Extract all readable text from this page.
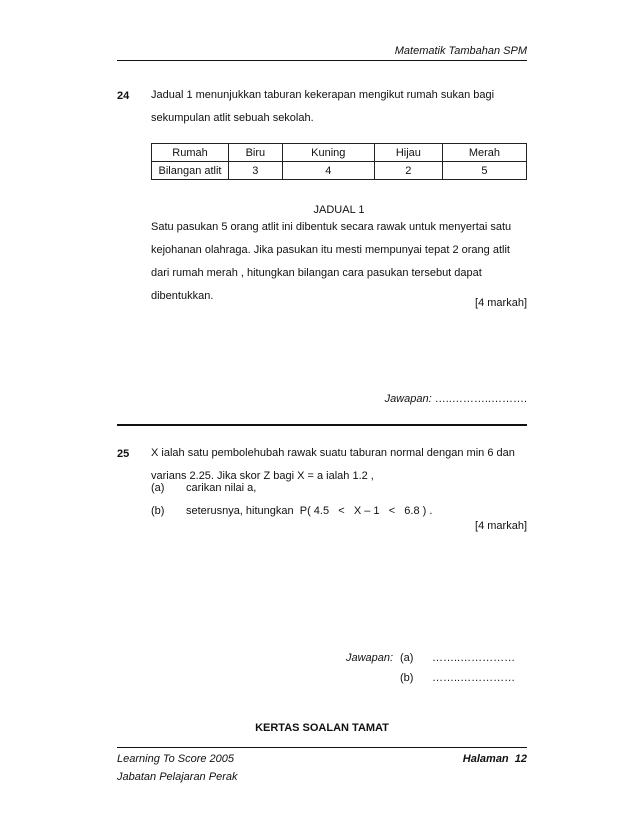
Matematik Tambahan SPM
24 Jadual 1 menunjukkan taburan kekerapan mengikut rumah sukan bagi
sekumpulan atlit sebuah sekolah.
Rumah	Biru	Kuning	Hijau	Merah
Bilangan atlit	3	4	2	5
JADUAL 1
Satu pasukan 5 orang atlit ini dibentuk secara rawak untuk menyertai satu
kejohanan olahraga. Jika pasukan itu mesti mempunyai tepat 2 orang atlit
dari rumah merah , hitungkan bilangan cara pasukan tersebut dapat
dibentukkan.
[4 markah]
Jawapan: …..………..……….
25 X ialah satu pembolehubah rawak suatu taburan normal dengan min 6 dan
varians 2.25. Jika skor Z bagi X = a ialah 1.2 ,
(a) carikan nilai a,
(b) seterusnya, hitungkan  P( 4.5   <   X – 1   <   6.8 ) .
[4 markah]
Jawapan: (a) ……..……………
(b) ……..……………
KERTAS SOALAN TAMAT
Learning To Score 2005
Jabatan Pelajaran Perak
Halaman  12
